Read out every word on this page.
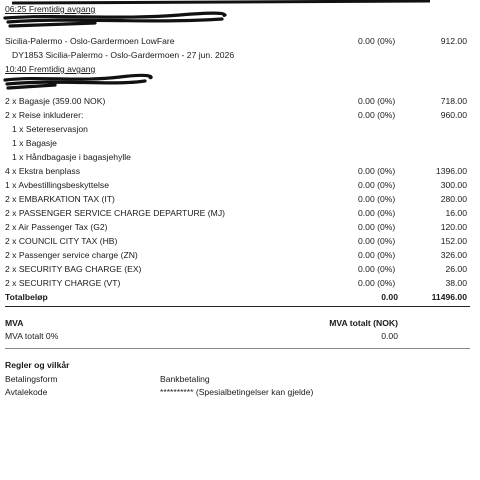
06:25 Fremtidig avgang
Sicilia-Palermo - Oslo-Gardermoen LowFare	0.00 (0%)	912.00
DY1853 Sicilia-Palermo - Oslo-Gardermoen - 27 jun. 2026
10:40 Fremtidig avgang
2 x Bagasje (359.00 NOK)	0.00 (0%)	718.00
2 x Reise inkluderer:	0.00 (0%)	960.00
1 x Setereservasjon
1 x Bagasje
1 x Håndbagasje i bagasjehylle
4 x Ekstra benplass	0.00 (0%)	1396.00
1 x Avbestillingsbeskyttelse	0.00 (0%)	300.00
2 x EMBARKATION TAX (IT)	0.00 (0%)	280.00
2 x PASSENGER SERVICE CHARGE DEPARTURE (MJ)	0.00 (0%)	16.00
2 x Air Passenger Tax (G2)	0.00 (0%)	120.00
2 x COUNCIL CITY TAX (HB)	0.00 (0%)	152.00
2 x Passenger service charge (ZN)	0.00 (0%)	326.00
2 x SECURITY BAG CHARGE (EX)	0.00 (0%)	26.00
2 x SECURITY CHARGE (VT)	0.00 (0%)	38.00
Totalbeløp	0.00	11496.00
MVA	MVA totalt (NOK)
MVA totalt 0%	0.00
Regler og vilkår
Betalingsform	Bankbetaling
Avtalekode	********** (Spesialbetingelser kan gjelde)
